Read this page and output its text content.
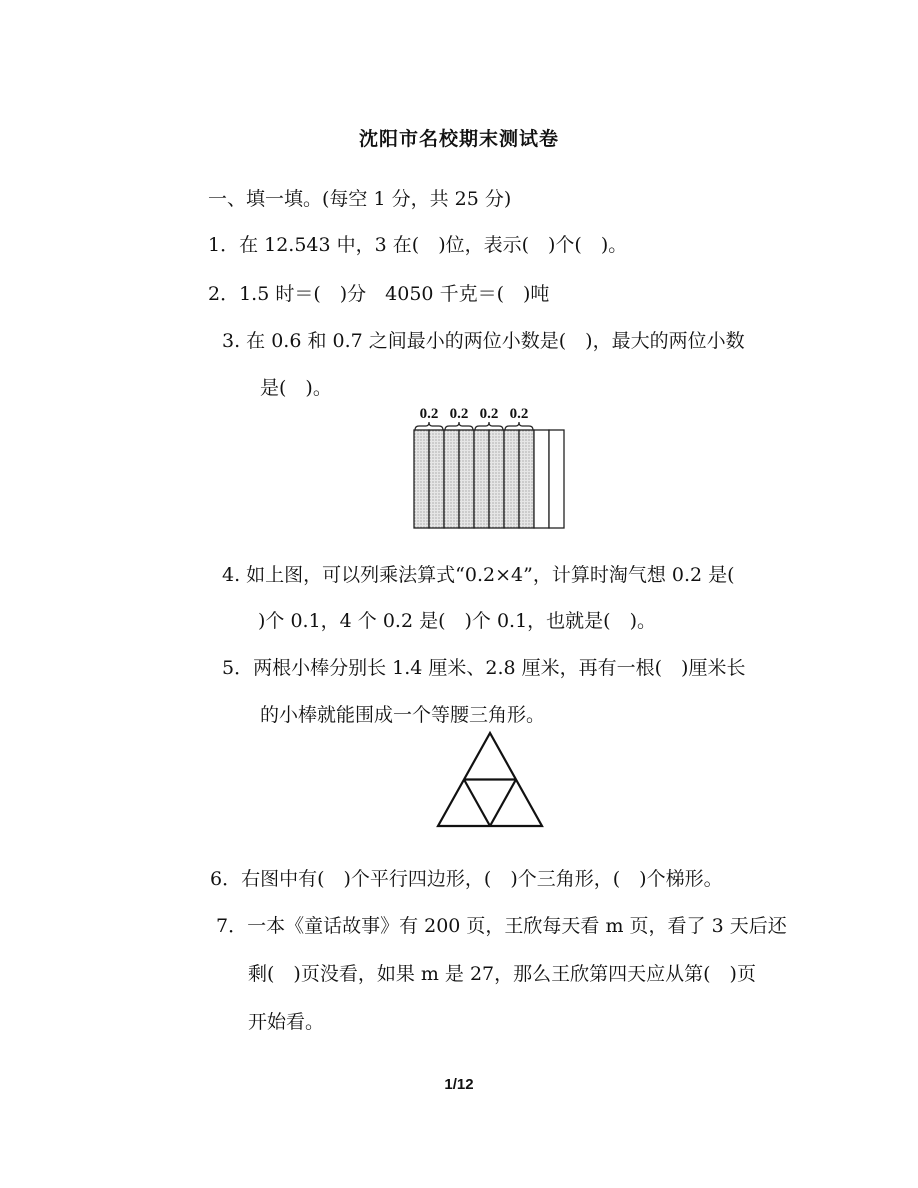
沈阳市名校期末测试卷
一、填一填。(每空 1 分，共 25 分)
1．在 12.543 中，3 在(　)位，表示(　)个(　)。
2．1.5 时＝(　)分　4050 千克＝(　)吨
3. 在 0.6 和 0.7 之间最小的两位小数是(　)，最大的两位小数
是(　)。
0.2 0.2 0.2 0.2
4. 如上图，可以列乘法算式“0.2×4”，计算时淘气想 0.2 是(
)个 0.1，4 个 0.2 是(　)个 0.1，也就是(　)。
5．两根小棒分别长 1.4 厘米、2.8 厘米，再有一根(　)厘米长
的小棒就能围成一个等腰三角形。
6．右图中有(　)个平行四边形，(　)个三角形，(　)个梯形。
7．一本《童话故事》有 200 页，王欣每天看 m 页，看了 3 天后还
剩(　)页没看，如果 m 是 27，那么王欣第四天应从第(　)页
开始看。
1/12
